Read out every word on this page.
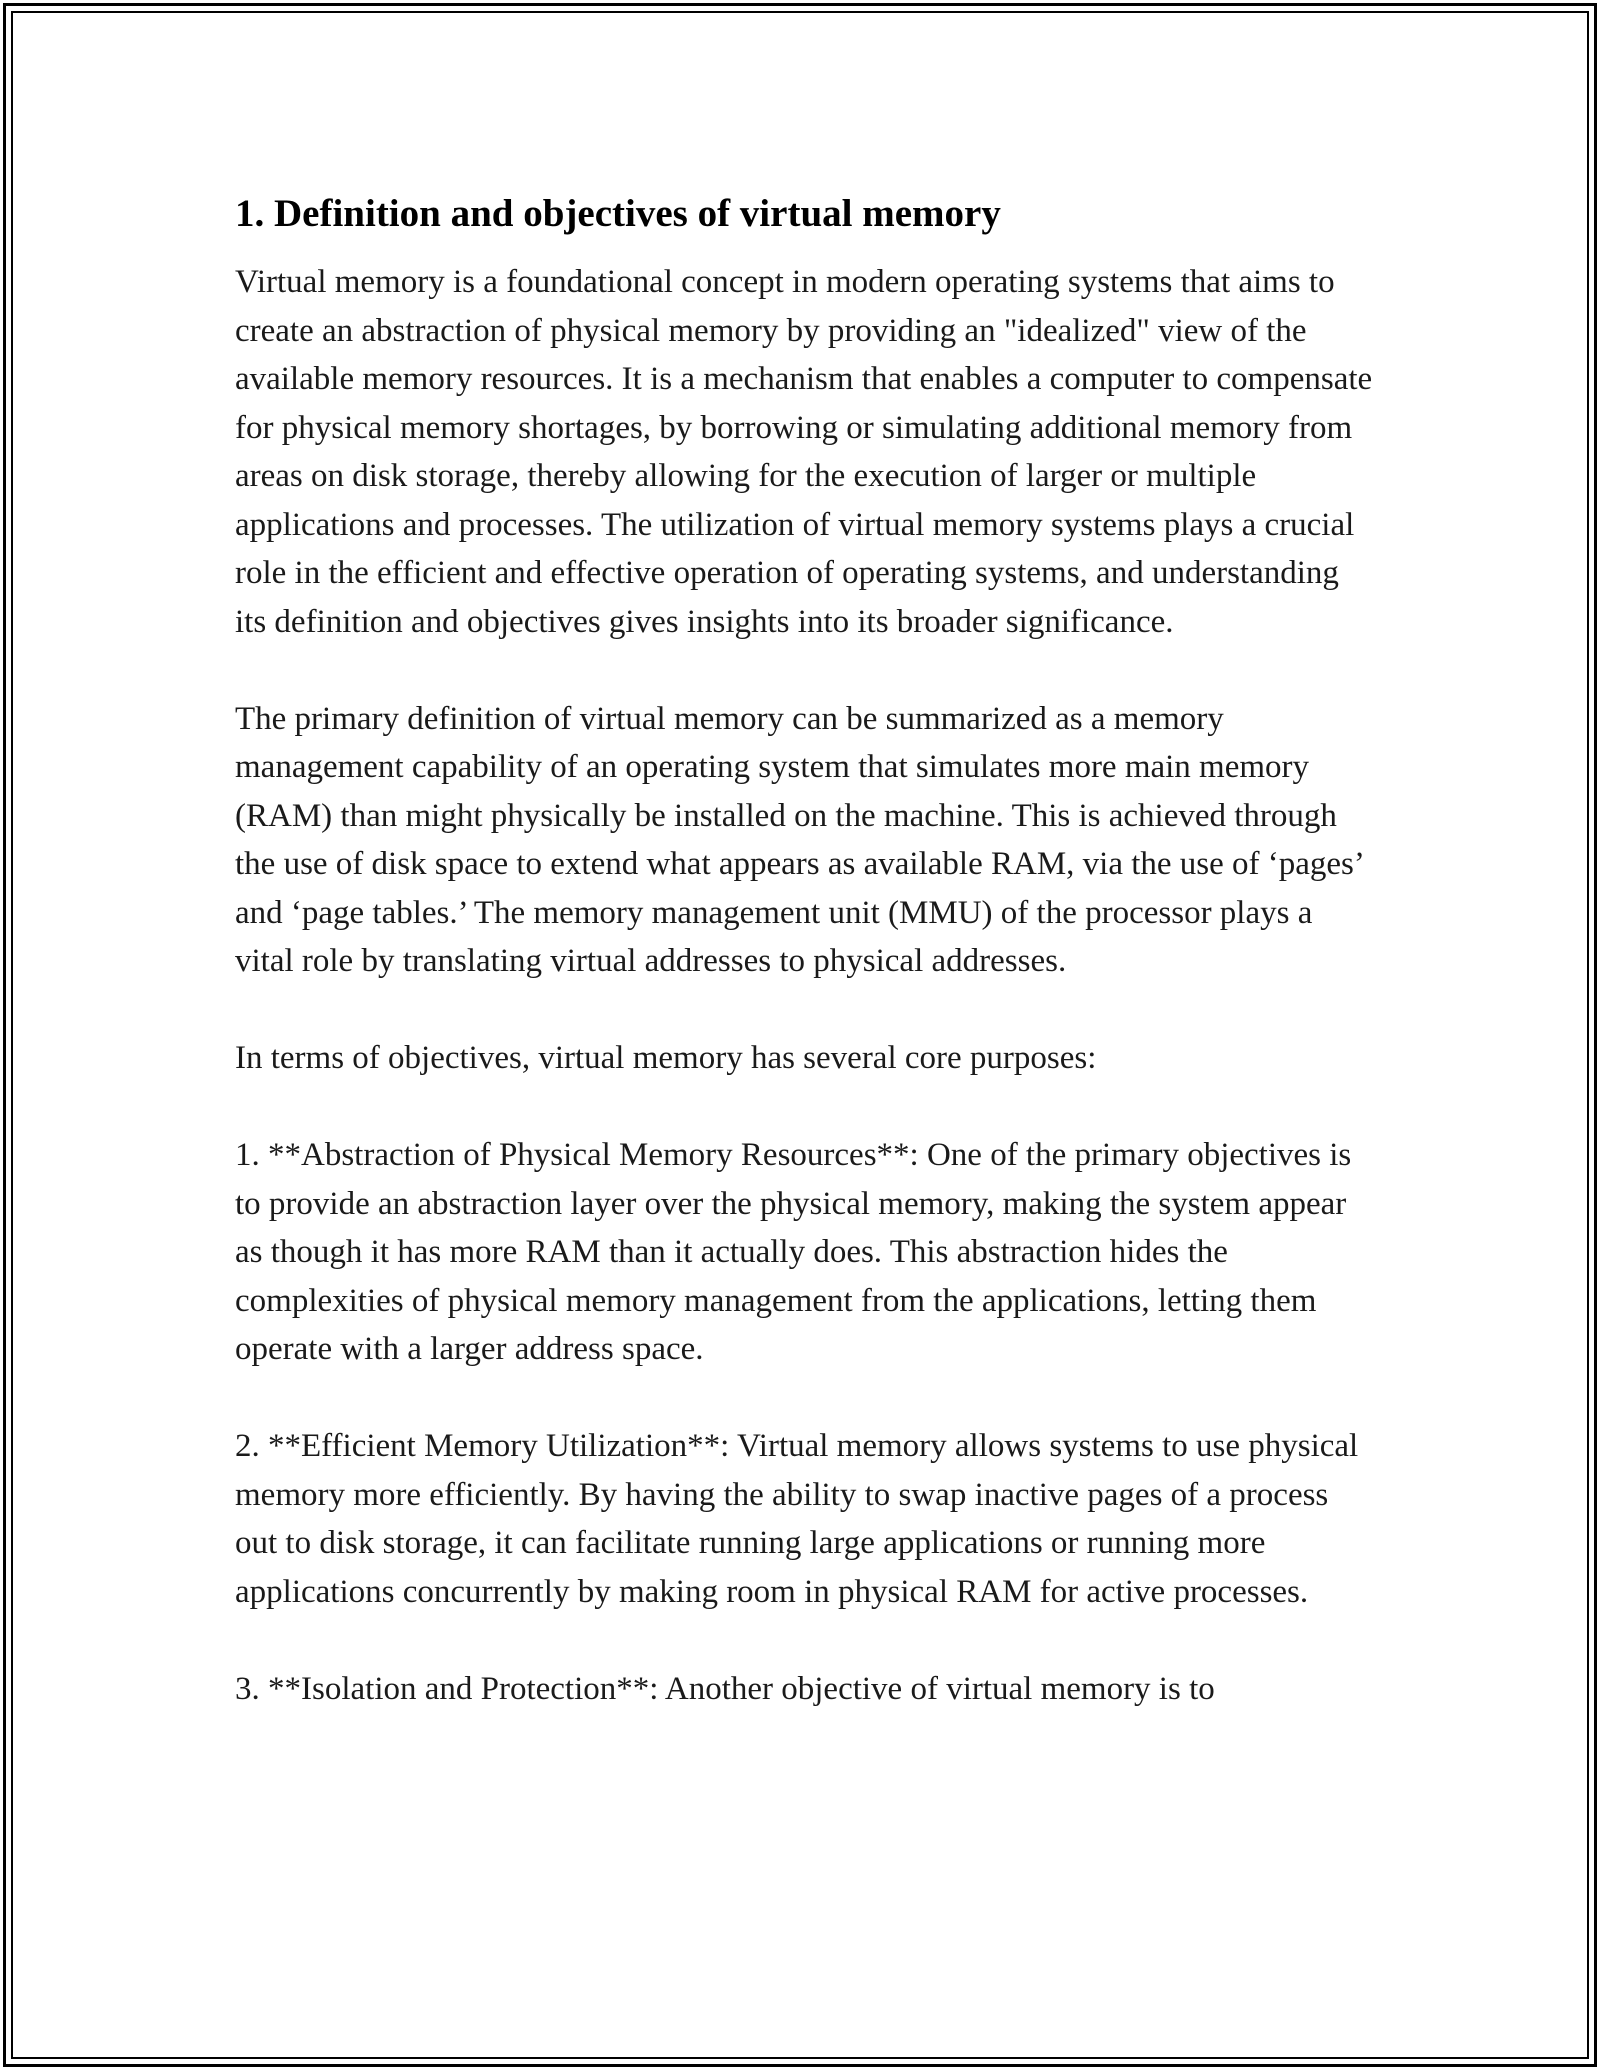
1. Definition and objectives of virtual memory

Virtual memory is a foundational concept in modern operating systems that aims to create an abstraction of physical memory by providing an "idealized" view of the available memory resources. It is a mechanism that enables a computer to compensate for physical memory shortages, by borrowing or simulating additional memory from areas on disk storage, thereby allowing for the execution of larger or multiple applications and processes. The utilization of virtual memory systems plays a crucial role in the efficient and effective operation of operating systems, and understanding its definition and objectives gives insights into its broader significance.

The primary definition of virtual memory can be summarized as a memory management capability of an operating system that simulates more main memory (RAM) than might physically be installed on the machine. This is achieved through the use of disk space to extend what appears as available RAM, via the use of ‘pages’ and ‘page tables.’ The memory management unit (MMU) of the processor plays a vital role by translating virtual addresses to physical addresses.

In terms of objectives, virtual memory has several core purposes:

1. **Abstraction of Physical Memory Resources**: One of the primary objectives is to provide an abstraction layer over the physical memory, making the system appear as though it has more RAM than it actually does. This abstraction hides the complexities of physical memory management from the applications, letting them operate with a larger address space.

2. **Efficient Memory Utilization**: Virtual memory allows systems to use physical memory more efficiently. By having the ability to swap inactive pages of a process out to disk storage, it can facilitate running large applications or running more applications concurrently by making room in physical RAM for active processes.

3. **Isolation and Protection**: Another objective of virtual memory is to
